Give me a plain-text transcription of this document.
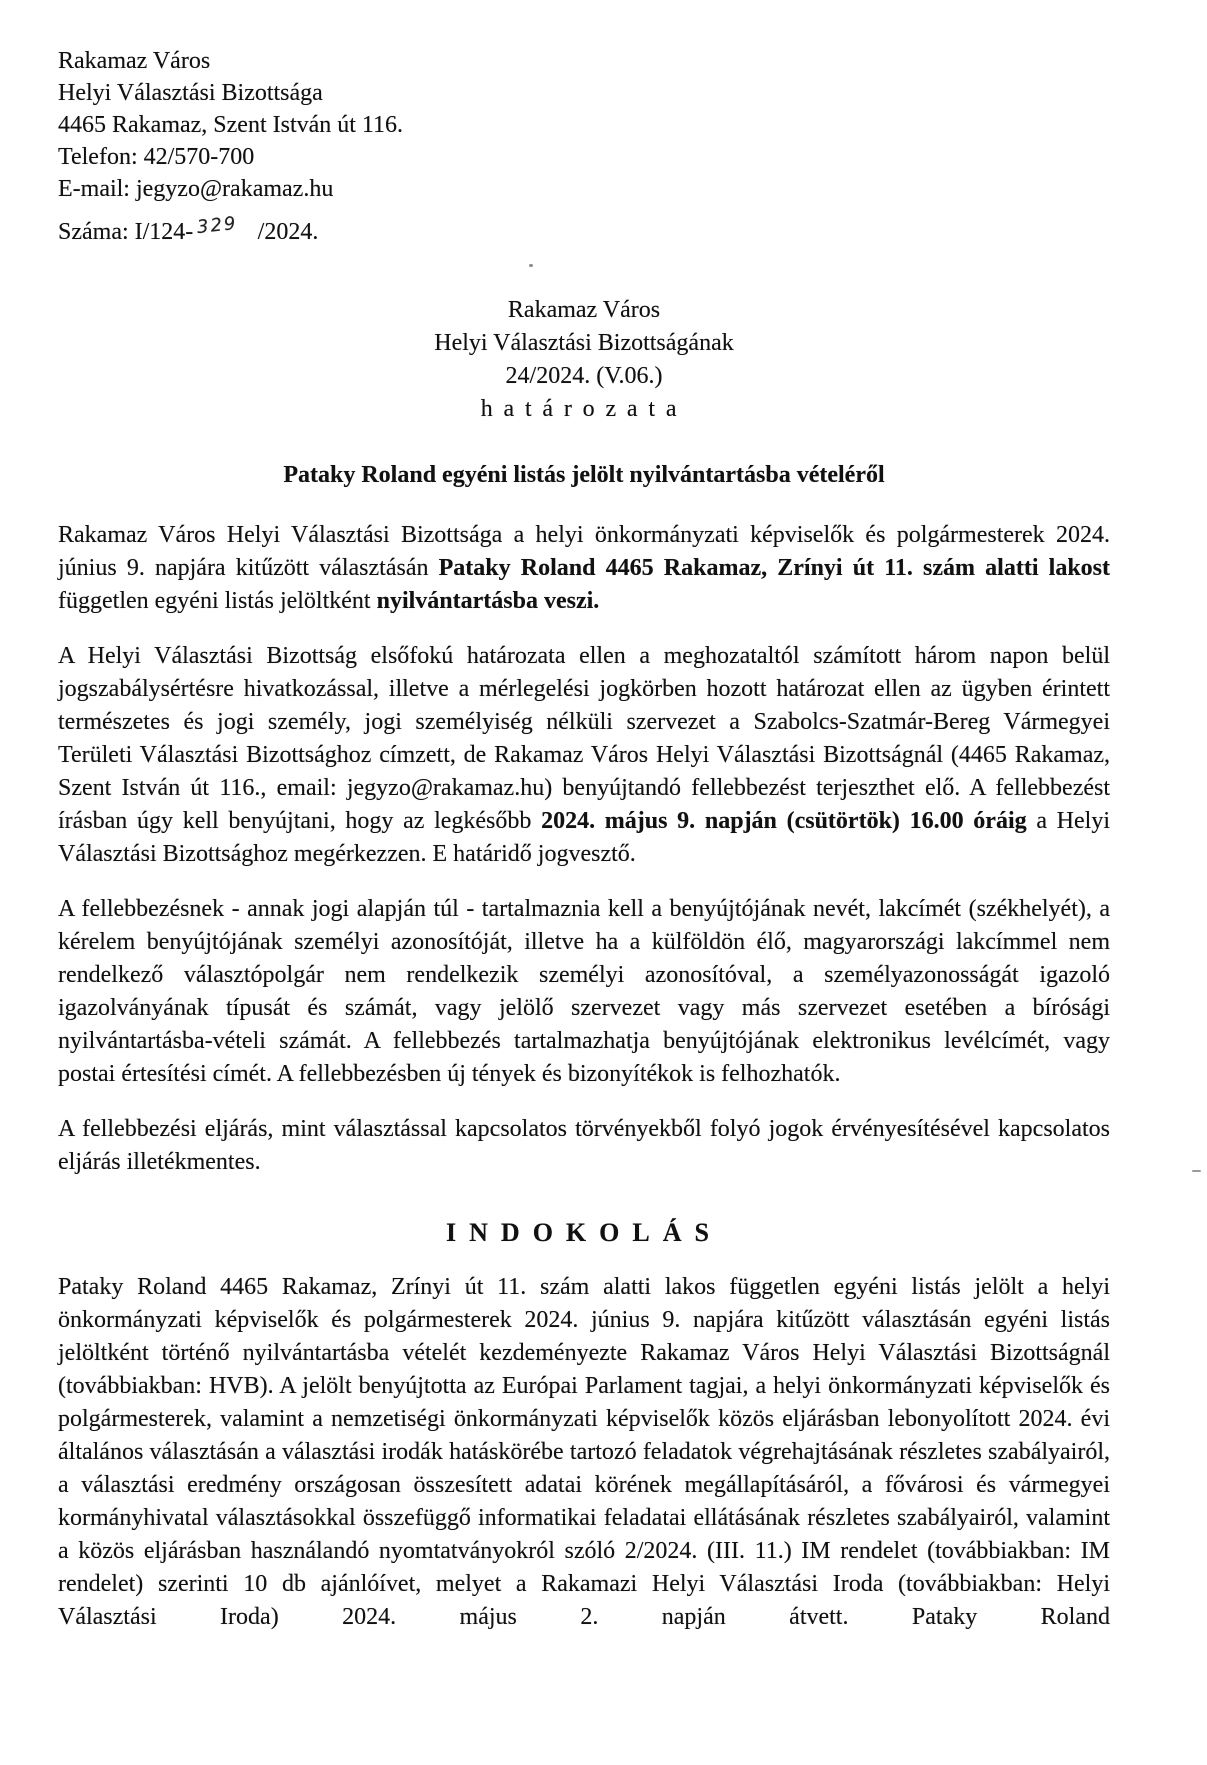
Rakamaz Város
Helyi Választási Bizottsága
4465 Rakamaz, Szent István út 116.
Telefon: 42/570-700
E-mail: jegyzo@rakamaz.hu
Száma: I/124- 329 /2024.
Rakamaz Város
Helyi Választási Bizottságának
24/2024. (V.06.)
határozata
Pataky Roland egyéni listás jelölt nyilvántartásba vételéről

Rakamaz Város Helyi Választási Bizottsága a helyi önkormányzati képviselők és polgármesterek 2024. június 9. napjára kitűzött választásán Pataky Roland 4465 Rakamaz, Zrínyi út 11. szám alatti lakost független egyéni listás jelöltként nyilvántartásba veszi.

A Helyi Választási Bizottság elsőfokú határozata ellen a meghozataltól számított három napon belül jogszabálysértésre hivatkozással, illetve a mérlegelési jogkörben hozott határozat ellen az ügyben érintett természetes és jogi személy, jogi személyiség nélküli szervezet a Szabolcs-Szatmár-Bereg Vármegyei Területi Választási Bizottsághoz címzett, de Rakamaz Város Helyi Választási Bizottságnál (4465 Rakamaz, Szent István út 116., email: jegyzo@rakamaz.hu) benyújtandó fellebbezést terjeszthet elő. A fellebbezést írásban úgy kell benyújtani, hogy az legkésőbb 2024. május 9. napján (csütörtök) 16.00 óráig a Helyi Választási Bizottsághoz megérkezzen. E határidő jogvesztő.

A fellebbezésnek - annak jogi alapján túl - tartalmaznia kell a benyújtójának nevét, lakcímét (székhelyét), a kérelem benyújtójának személyi azonosítóját, illetve ha a külföldön élő, magyarországi lakcímmel nem rendelkező választópolgár nem rendelkezik személyi azonosítóval, a személyazonosságát igazoló igazolványának típusát és számát, vagy jelölő szervezet vagy más szervezet esetében a bírósági nyilvántartásba-vételi számát. A fellebbezés tartalmazhatja benyújtójának elektronikus levélcímét, vagy postai értesítési címét. A fellebbezésben új tények és bizonyítékok is felhozhatók.

A fellebbezési eljárás, mint választással kapcsolatos törvényekből folyó jogok érvényesítésével kapcsolatos eljárás illetékmentes.

INDOKOLÁS

Pataky Roland 4465 Rakamaz, Zrínyi út 11. szám alatti lakos független egyéni listás jelölt a helyi önkormányzati képviselők és polgármesterek 2024. június 9. napjára kitűzött választásán egyéni listás jelöltként történő nyilvántartásba vételét kezdeményezte Rakamaz Város Helyi Választási Bizottságnál (továbbiakban: HVB). A jelölt benyújtotta az Európai Parlament tagjai, a helyi önkormányzati képviselők és polgármesterek, valamint a nemzetiségi önkormányzati képviselők közös eljárásban lebonyolított 2024. évi általános választásán a választási irodák hatáskörébe tartozó feladatok végrehajtásának részletes szabályairól, a választási eredmény országosan összesített adatai körének megállapításáról, a fővárosi és vármegyei kormányhivatal választásokkal összefüggő informatikai feladatai ellátásának részletes szabályairól, valamint a közös eljárásban használandó nyomtatványokról szóló 2/2024. (III. 11.) IM rendelet (továbbiakban: IM rendelet) szerinti 10 db ajánlóívet, melyet a Rakamazi Helyi Választási Iroda (továbbiakban: Helyi Választási Iroda) 2024. május 2. napján átvett. Pataky Roland
